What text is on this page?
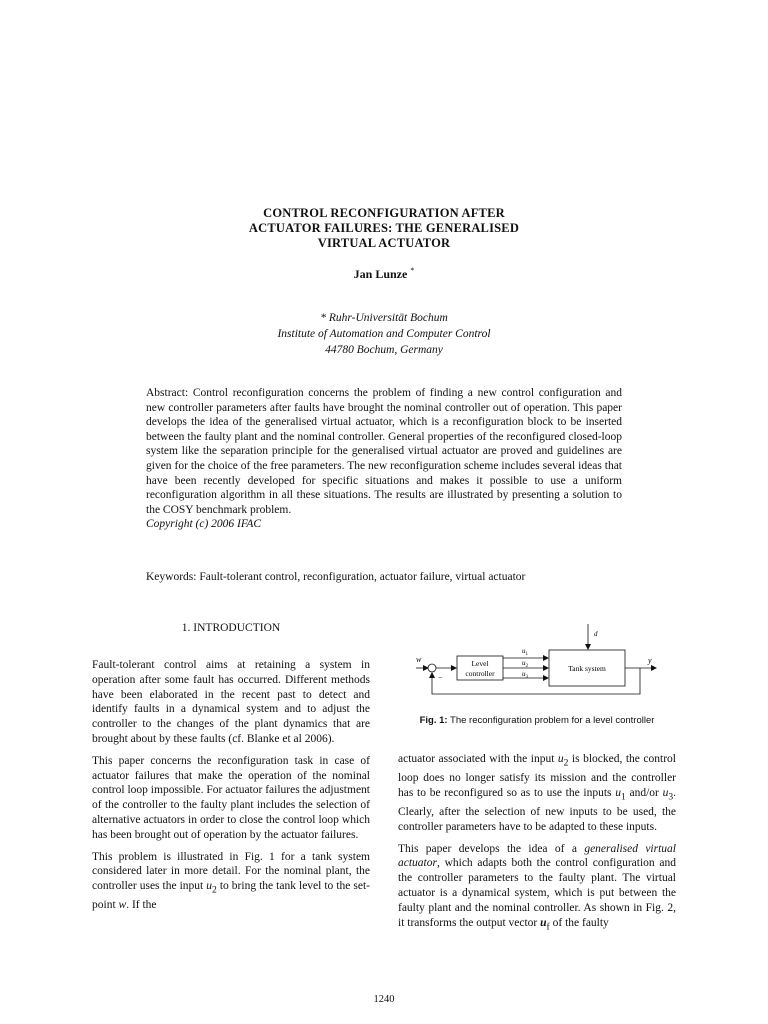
CONTROL RECONFIGURATION AFTER
ACTUATOR FAILURES: THE GENERALISED
VIRTUAL ACTUATOR
Jan Lunze *
* Ruhr-Universität Bochum
Institute of Automation and Computer Control
44780 Bochum, Germany
Abstract: Control reconfiguration concerns the problem of finding a new control configuration and new controller parameters after faults have brought the nominal controller out of operation. This paper develops the idea of the generalised virtual actuator, which is a reconfiguration block to be inserted between the faulty plant and the nominal controller. General properties of the reconfigured closed-loop system like the separation principle for the generalised virtual actuator are proved and guidelines are given for the choice of the free parameters. The new reconfiguration scheme includes several ideas that have been recently developed for specific situations and makes it possible to use a uniform reconfiguration algorithm in all these situations. The results are illustrated by presenting a solution to the COSY benchmark problem.
Copyright (c) 2006 IFAC
Keywords: Fault-tolerant control, reconfiguration, actuator failure, virtual actuator
1. INTRODUCTION

Fault-tolerant control aims at retaining a system in operation after some fault has occurred. Different methods have been elaborated in the recent past to detect and identify faults in a dynamical system and to adjust the controller to the changes of the plant dynamics that are brought about by these faults (cf. Blanke et al 2006).

This paper concerns the reconfiguration task in case of actuator failures that make the operation of the nominal control loop impossible. For actuator failures the adjustment of the controller to the faulty plant includes the selection of alternative actuators in order to close the control loop which has been brought out of operation by the actuator failures.

This problem is illustrated in Fig. 1 for a tank system considered later in more detail. For the nominal plant, the controller uses the input $u_2$ to bring the tank level to the set-point w. If the

w
−
Level
controller
$u_1$
$u_2$
$u_3$
Tank system
d
y
Fig. 1: The reconfiguration problem for a level controller

actuator associated with the input $u_2$ is blocked, the control loop does no longer satisfy its mission and the controller has to be reconfigured so as to use the inputs $u_1$ and/or $u_3$. Clearly, after the selection of new inputs to be used, the controller parameters have to be adapted to these inputs.

This paper develops the idea of a generalised virtual actuator, which adapts both the control configuration and the controller parameters to the faulty plant. The virtual actuator is a dynamical system, which is put between the faulty plant and the nominal controller. As shown in Fig. 2, it transforms the output vector $u_f$ of the faulty

1240
